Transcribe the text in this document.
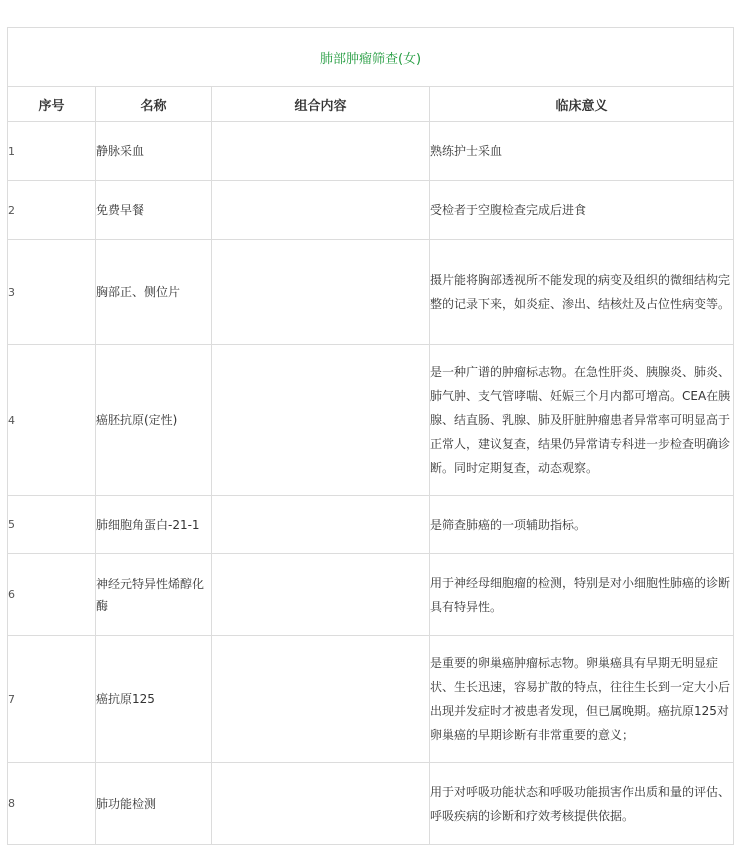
肺部肿瘤筛查(女)			
序号	名称	组合内容	临床意义
1	静脉采血		熟练护士采血
2	免费早餐		受检者于空腹检查完成后进食
3	胸部正、侧位片		摄片能将胸部透视所不能发现的病变及组织的微细结构完整的记录下来，如炎症、渗出、结核灶及占位性病变等。
4	癌胚抗原(定性)		是一种广谱的肿瘤标志物。在急性肝炎、胰腺炎、肺炎、肺气肿、支气管哮喘、妊娠三个月内都可增高。CEA在胰腺、结直肠、乳腺、肺及肝脏肿瘤患者异常率可明显高于正常人，建议复查，结果仍异常请专科进一步检查明确诊断。同时定期复查，动态观察。
5	肺细胞角蛋白-21-1		是筛查肺癌的一项辅助指标。
6	神经元特异性烯醇化酶		用于神经母细胞瘤的检测，特别是对小细胞性肺癌的诊断具有特异性。
7	癌抗原125		是重要的卵巢癌肿瘤标志物。卵巢癌具有早期无明显症状、生长迅速，容易扩散的特点，往往生长到一定大小后出现并发症时才被患者发现，但已属晚期。癌抗原125对卵巢癌的早期诊断有非常重要的意义；
8	肺功能检测		用于对呼吸功能状态和呼吸功能损害作出质和量的评估、呼吸疾病的诊断和疗效考核提供依据。
